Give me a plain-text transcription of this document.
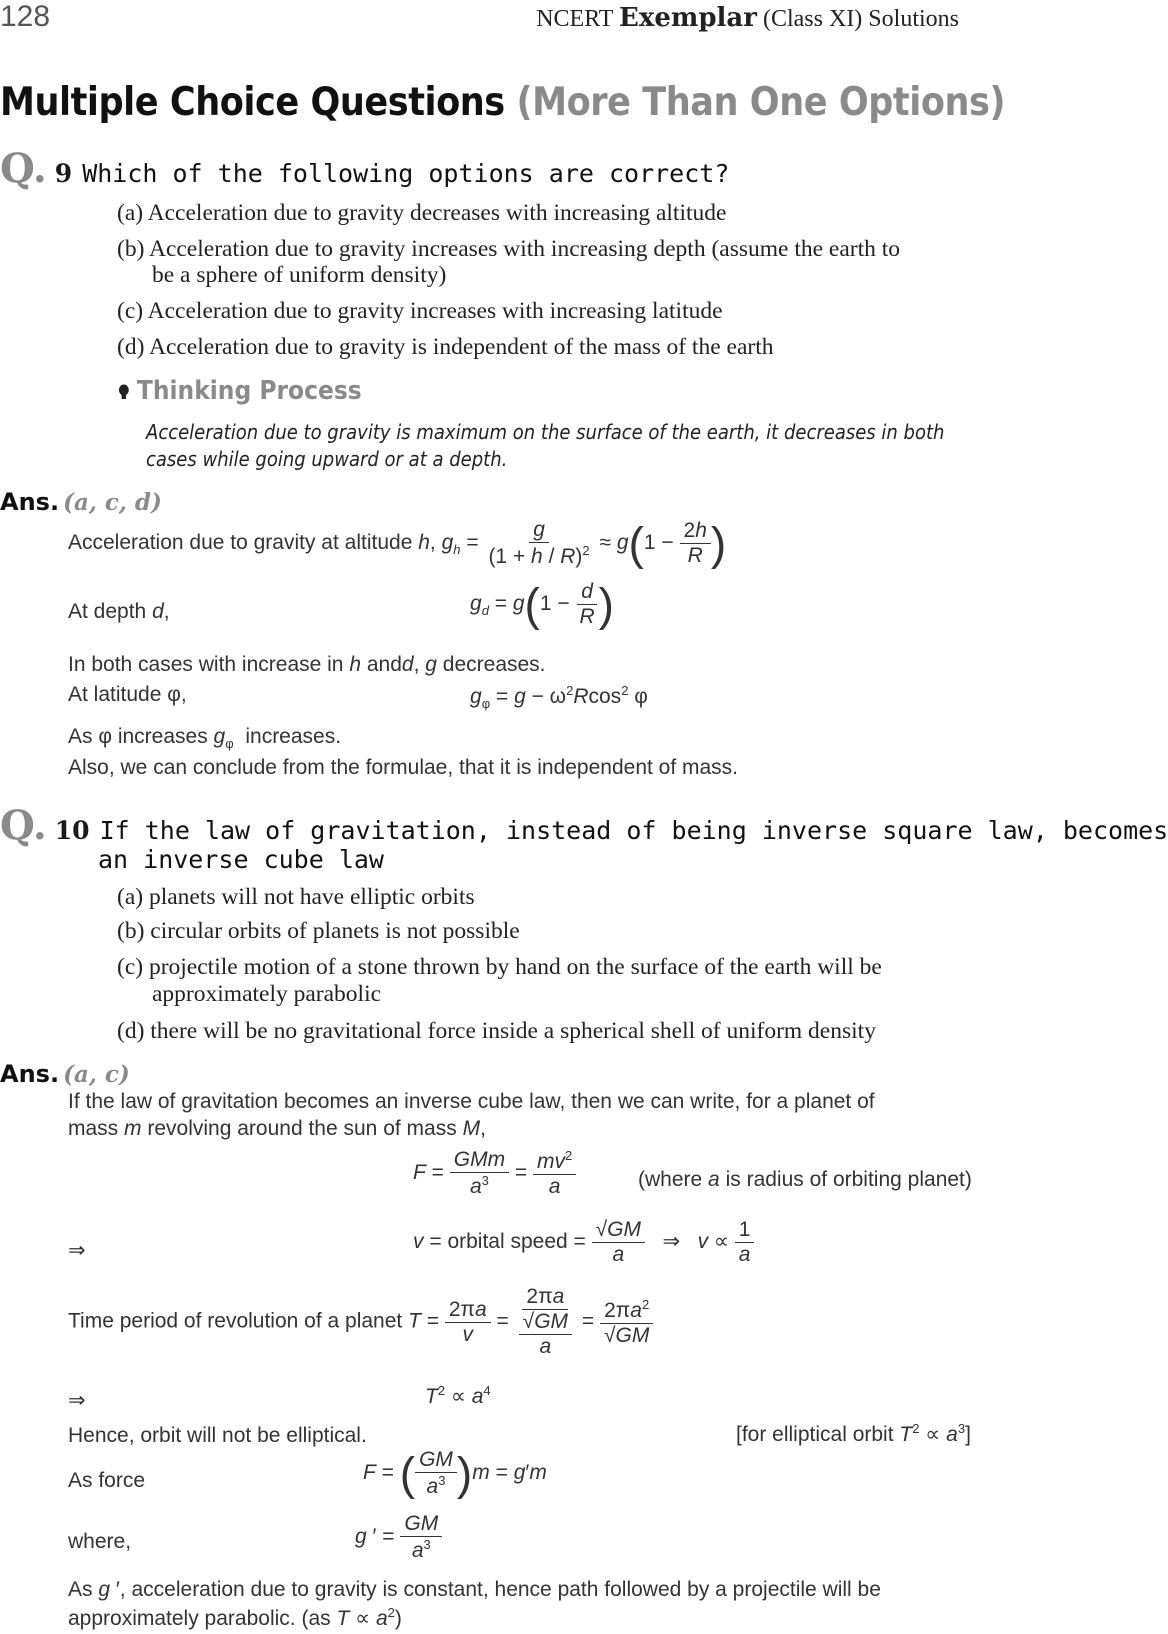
128	NCERT Exemplar (Class XI) Solutions
Multiple Choice Questions (More Than One Options)
Q. 9 Which of the following options are correct?
(a) Acceleration due to gravity decreases with increasing altitude
(b) Acceleration due to gravity increases with increasing depth (assume the earth to
be a sphere of uniform density)
(c) Acceleration due to gravity increases with increasing latitude
(d) Acceleration due to gravity is independent of the mass of the earth
Thinking Process
Acceleration due to gravity is maximum on the surface of the earth, it decreases in both
cases while going upward or at a depth.
Ans. (a, c, d)
Acceleration due to gravity at altitude h, $g_h = \frac{g}{(1 + h / R)^2} \approx g(1 - \frac{2h}{R}$ )
At depth d,	$g_d = g(1 - \frac{d}{R}$ )
In both cases with increase in h andd, g decreases.
At latitude φ,	$g_\varphi = g - \omega^2Rcos^2$ φ
As φ increases $g_\varphi$ increases.
Also, we can conclude from the formulae, that it is independent of mass.
Q. 10 If the law of gravitation, instead of being inverse square law, becomes
an inverse cube law
(a) planets will not have elliptic orbits
(b) circular orbits of planets is not possible
(c) projectile motion of a stone thrown by hand on the surface of the earth will be
approximately parabolic
(d) there will be no gravitational force inside a spherical shell of uniform density
Ans. (a, c)
If the law of gravitation becomes an inverse cube law, then we can write, for a planet of
mass m revolving around the sun of mass M,
$F = \frac{\text{GMm}}{a^3} = \frac{mv^2}{a}$	(where a is radius of orbiting planet)
⇒	v = orbital speed = $\frac{√GM}{a}$ ⇒   $v \propto \frac{1}{a}$
Time period of revolution of a planet $T = \frac{2\pi a}{v} = \frac{2\pi a}{\frac{√GM}{a}} = \frac{2\pi a^2}{√GM}$
⇒	$T^2 \propto a^4$
Hence, orbit will not be elliptical.	[for elliptical orbit $T^2 \propto a^3$]
As force	F = ( $\frac{GM}{a^3} )m = g'm$
where,	g ′ = $\frac{GM}{a^3}$
As g ′, acceleration due to gravity is constant, hence path followed by a projectile will be
approximately parabolic. (as $T \propto a^2$)
